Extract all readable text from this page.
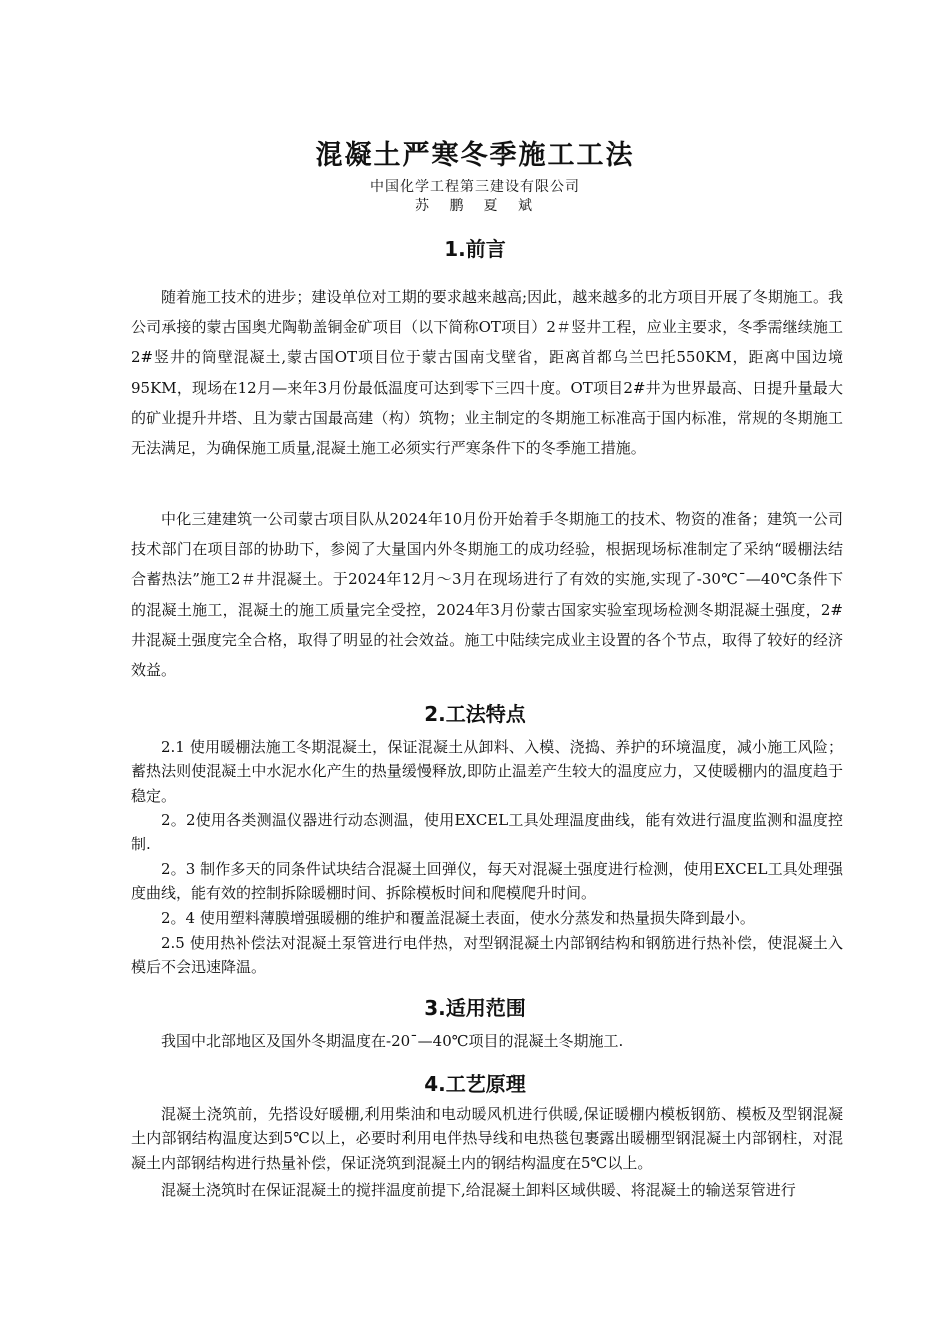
混凝土严寒冬季施工工法
中国化学工程第三建设有限公司
苏 鹏　夏 斌
1.前言

随着施工技术的进步；建设单位对工期的要求越来越高;因此，越来越多的北方项目开展了冬期施工。我公司承接的蒙古国奥尤陶勒盖铜金矿项目（以下简称OT项目）2＃竖井工程，应业主要求，冬季需继续施工2#竖井的筒壁混凝土,蒙古国OT项目位于蒙古国南戈壁省，距离首都乌兰巴托550KM，距离中国边境95KM，现场在12月—来年3月份最低温度可达到零下三四十度。OT项目2#井为世界最高、日提升量最大的矿业提升井塔、且为蒙古国最高建（构）筑物；业主制定的冬期施工标准高于国内标准，常规的冬期施工无法满足，为确保施工质量,混凝土施工必须实行严寒条件下的冬季施工措施。

中化三建建筑一公司蒙古项目队从2024年10月份开始着手冬期施工的技术、物资的准备；建筑一公司技术部门在项目部的协助下，参阅了大量国内外冬期施工的成功经验，根据现场标准制定了采纳“暖棚法结合蓄热法”施工2＃井混凝土。于2024年12月～3月在现场进行了有效的实施,实现了-30℃¯—40℃条件下的混凝土施工，混凝土的施工质量完全受控，2024年3月份蒙古国家实验室现场检测冬期混凝土强度，2#井混凝土强度完全合格，取得了明显的社会效益。施工中陆续完成业主设置的各个节点，取得了较好的经济效益。

2.工法特点

2.1 使用暖棚法施工冬期混凝土，保证混凝土从卸料、入模、浇捣、养护的环境温度，减小施工风险；蓄热法则使混凝土中水泥水化产生的热量缓慢释放,即防止温差产生较大的温度应力，又使暖棚内的温度趋于稳定。

2。2使用各类测温仪器进行动态测温，使用EXCEL工具处理温度曲线，能有效进行温度监测和温度控制.

2。3 制作多天的同条件试块结合混凝土回弹仪，每天对混凝土强度进行检测，使用EXCEL工具处理强度曲线，能有效的控制拆除暖棚时间、拆除模板时间和爬模爬升时间。

2。4 使用塑料薄膜增强暖棚的维护和覆盖混凝土表面，使水分蒸发和热量损失降到最小。

2.5 使用热补偿法对混凝土泵管进行电伴热，对型钢混凝土内部钢结构和钢筋进行热补偿，使混凝土入模后不会迅速降温。

3.适用范围

我国中北部地区及国外冬期温度在-20¯—40℃项目的混凝土冬期施工.

4.工艺原理

混凝土浇筑前，先搭设好暖棚,利用柴油和电动暖风机进行供暖,保证暖棚内模板钢筋、模板及型钢混凝土内部钢结构温度达到5℃以上，必要时利用电伴热导线和电热毯包裹露出暖棚型钢混凝土内部钢柱，对混凝土内部钢结构进行热量补偿，保证浇筑到混凝土内的钢结构温度在5℃以上。

混凝土浇筑时在保证混凝土的搅拌温度前提下,给混凝土卸料区域供暖、将混凝土的输送泵管进行
